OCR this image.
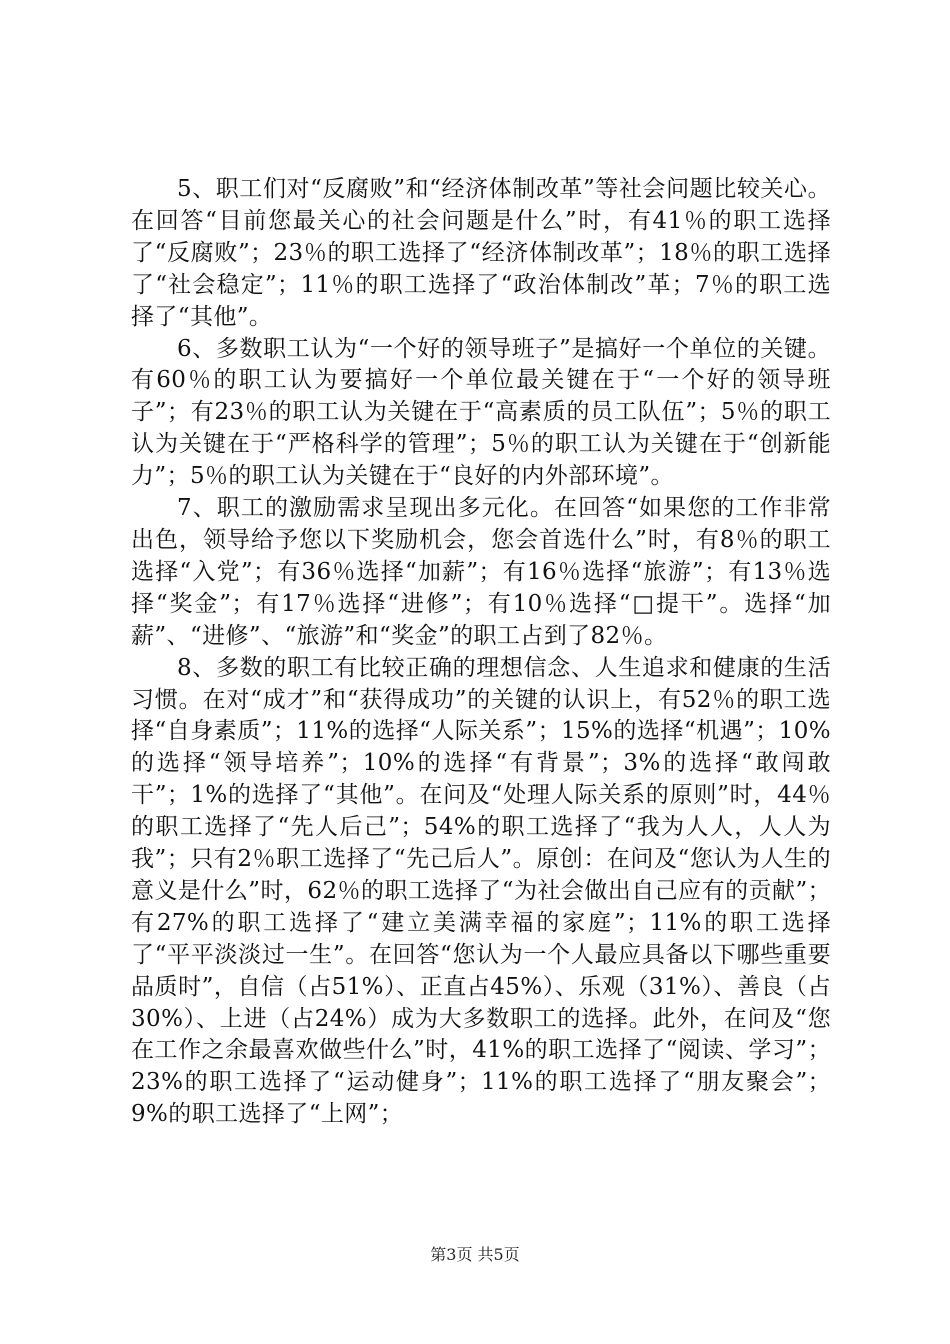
5、职工们对“反腐败”和“经济体制改革”等社会问题比较关心。在回答“目前您最关心的社会问题是什么”时，有41％的职工选择了“反腐败”；23％的职工选择了“经济体制改革”；18％的职工选择了“社会稳定”；11％的职工选择了“政治体制改”革；7％的职工选择了“其他”。

6、多数职工认为“一个好的领导班子”是搞好一个单位的关键。有60％的职工认为要搞好一个单位最关键在于“一个好的领导班子”；有23％的职工认为关键在于“高素质的员工队伍”；5％的职工认为关键在于“严格科学的管理”；5％的职工认为关键在于“创新能力”；5％的职工认为关键在于“良好的内外部环境”。

7、职工的激励需求呈现出多元化。在回答“如果您的工作非常出色，领导给予您以下奖励机会，您会首选什么”时，有8％的职工选择“入党”；有36％选择“加薪”；有16％选择“旅游”；有13％选择“奖金”；有17％选择“进修”；有10％选择“□提干”。选择“加薪”、“进修”、“旅游”和“奖金”的职工占到了82％。

8、多数的职工有比较正确的理想信念、人生追求和健康的生活习惯。在对“成才”和“获得成功”的关键的认识上，有52％的职工选择“自身素质”；11%的选择“人际关系”；15%的选择“机遇”；10%的选择“领导培养”；10%的选择“有背景”；3%的选择“敢闯敢干”；1%的选择了“其他”。在问及“处理人际关系的原则”时，44％的职工选择了“先人后己”；54%的职工选择了“我为人人，人人为我”；只有2％职工选择了“先己后人”。原创：在问及“您认为人生的意义是什么”时，62％的职工选择了“为社会做出自己应有的贡献”；有27%的职工选择了“建立美满幸福的家庭”；11%的职工选择了“平平淡淡过一生”。在回答“您认为一个人最应具备以下哪些重要品质时”，自信（占51%）、正直占45%）、乐观（31%）、善良（占30%）、上进（占24%）成为大多数职工的选择。此外，在问及“您在工作之余最喜欢做些什么”时，41%的职工选择了“阅读、学习”；23%的职工选择了“运动健身”；11%的职工选择了“朋友聚会”；9%的职工选择了“上网”；

第3页 共5页
